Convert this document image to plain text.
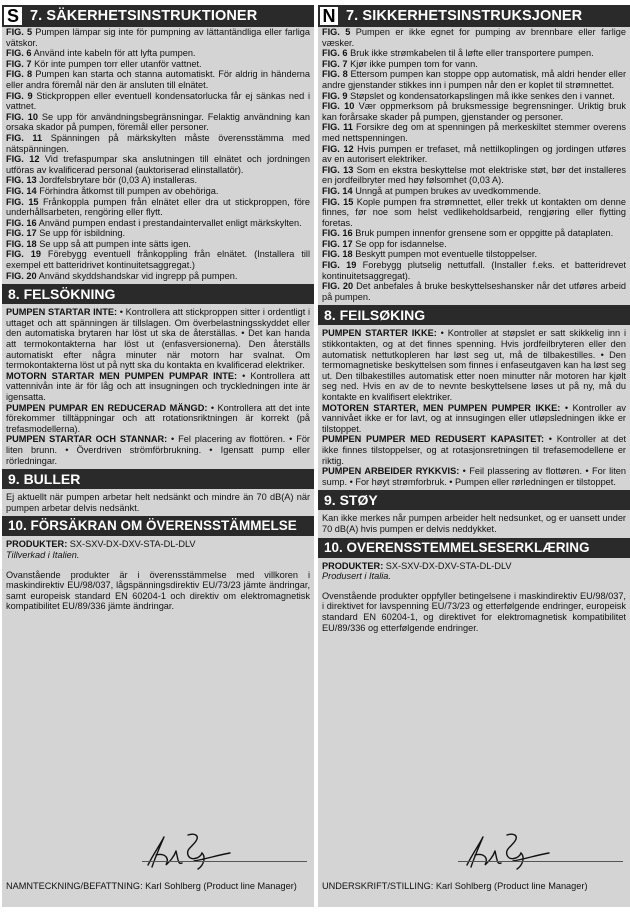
S 7. SÄKERHETSINSTRUKTIONER
FIG. 5 Pumpen lämpar sig inte för pumpning av lättantändliga eller farliga vätskor.
FIG. 6 Använd inte kabeln för att lyfta pumpen.
FIG. 7 Kör inte pumpen torr eller utanför vattnet.
FIG. 8 Pumpen kan starta och stanna automatiskt. För aldrig in händerna eller andra föremål när den är ansluten till elnätet.
FIG. 9 Stickproppen eller eventuell kondensatorlucka får ej sänkas ned i vattnet.
FIG. 10 Se upp för användningsbegränsningar. Felaktig användning kan orsaka skador på pumpen, föremål eller personer.
FIG. 11 Spänningen på märkskylten måste överensstämma med nätspänningen.
FIG. 12 Vid trefaspumpar ska anslutningen till elnätet och jordningen utföras av kvalificerad personal (auktoriserad elinstallatör).
FIG. 13 Jordfelsbrytare bör (0,03 A) installeras.
FIG. 14 Förhindra åtkomst till pumpen av obehöriga.
FIG. 15 Frånkoppla pumpen från elnätet eller dra ut stickproppen, före underhållsarbeten, rengöring eller flytt.
FIG. 16 Använd pumpen endast i prestandaintervallet enligt märkskylten.
FIG. 17 Se upp för isbildning.
FIG. 18 Se upp så att pumpen inte sätts igen.
FIG. 19 Förebygg eventuell frånkoppling från elnätet. (Installera till exempel ett batteridrivet kontinuitetsaggregat.)
FIG. 20 Använd skyddshandskar vid ingrepp på pumpen.
8. FELSÖKNING
PUMPEN STARTAR INTE: • Kontrollera att stickproppen sitter i ordentligt i uttaget och att spänningen är tillslagen. Om överbelastningsskyddet eller den automatiska brytaren har löst ut ska de återställas. • Det kan handa att termokontakterna har löst ut (enfasversionerna). Den återställs automatiskt efter några minuter när motorn har svalnat. Om termokontakterna löst ut på nytt ska du kontakta en kvalificerad elektriker.
MOTORN STARTAR MEN PUMPEN PUMPAR INTE: • Kontrollera att vattennivån inte är för låg och att insugningen och tryckledningen inte är igensatta.
PUMPEN PUMPAR EN REDUCERAD MÄNGD: • Kontrollera att det inte förekommer tilltäppningar och att rotationsriktningen är korrekt (på trefasmodellerna).
PUMPEN STARTAR OCH STANNAR: • Fel placering av flottören. • För liten brunn. • Överdriven strömförbrukning. • Igensatt pump eller rörledningar.
9. BULLER
Ej aktuellt när pumpen arbetar helt nedsänkt och mindre än 70 dB(A) när pumpen arbetar delvis nedsänkt.
10. FÖRSÄKRAN OM ÖVERENSSTÄMMELSE
PRODUKTER: SX-SXV-DX-DXV-STA-DL-DLV
Tillverkad i Italien.
Ovanstående produkter är i överensstämmelse med villkoren i maskindirektiv EU/98/037, lågspänningsdirektiv EU/73/23 jämte ändringar, samt europeisk standard EN 60204-1 och direktiv om elektromagnetisk kompatibilitet EU/89/336 jämte ändringar.
NAMNTECKNING/BEFATTNING: Karl Sohlberg (Product line Manager)
N 7. SIKKERHETSINSTRUKSJONER
FIG. 5 Pumpen er ikke egnet for pumping av brennbare eller farlige væsker.
FIG. 6 Bruk ikke strømkabelen til å løfte eller transportere pumpen.
FIG. 7 Kjør ikke pumpen tom for vann.
FIG. 8 Ettersom pumpen kan stoppe opp automatisk, må aldri hender eller andre gjenstander stikkes inn i pumpen når den er koplet til strømnettet.
FIG. 9 Støpslet og kondensatorkapslingen må ikke senkes den i vannet.
FIG. 10 Vær oppmerksom på bruksmessige begrensninger. Uriktig bruk kan forårsake skader på pumpen, gjenstander og personer.
FIG. 11 Forsikre deg om at spenningen på merkeskiltet stemmer overens med nettspenningen.
FIG. 12 Hvis pumpen er trefaset, må nettilkoplingen og jordingen utføres av en autorisert elektriker.
FIG. 13 Som en ekstra beskyttelse mot elektriske støt, bør det installeres en jordfeilbryter med høy følsomhet (0,03 A).
FIG. 14 Unngå at pumpen brukes av uvedkommende.
FIG. 15 Kople pumpen fra strømnettet, eller trekk ut kontakten om denne finnes, før noe som helst vedlikeholdsarbeid, rengjøring eller flytting foretas.
FIG. 16 Bruk pumpen innenfor grensene som er oppgitte på dataplaten.
FIG. 17 Se opp for isdannelse.
FIG. 18 Beskytt pumpen mot eventuelle tilstoppelser.
FIG. 19 Forebygg plutselig nettutfall. (Installer f.eks. et batteridrevet kontinuitetsaggregat).
FIG. 20 Det anbefales å bruke beskyttelseshansker når det utføres arbeid på pumpen.
8. FEILSØKING
PUMPEN STARTER IKKE: • Kontroller at støpslet er satt skikkelig inn i stikkontakten, og at det finnes spenning. Hvis jordfeilbryteren eller den automatisk nettutkopleren har løst seg ut, må de tilbakestilles. • Den termomagnetiske beskyttelsen som finnes i enfaseutgaven kan ha løst seg ut. Den tilbakestilles automatisk etter noen minutter når motoren har kjølt seg ned. Hvis en av de to nevnte beskyttelsene løses ut på ny, må du kontakte en kvalifisert elektriker.
MOTOREN STARTER, MEN PUMPEN PUMPER IKKE: • Kontroller av vannivået ikke er for lavt, og at innsugingen eller utløpsledningen ikke er tilstoppet.
PUMPEN PUMPER MED REDUSERT KAPASITET: • Kontroller at det ikke finnes tilstoppelser, og at rotasjonsretningen til trefasemodellene er riktig.
PUMPEN ARBEIDER RYKKVIS: • Feil plassering av flottøren. • For liten sump. • For høyt strømforbruk. • Pumpen eller rørledningen er tilstoppet.
9. STØY
Kan ikke merkes når pumpen arbeider helt nedsunket, og er uansett under 70 dB(A) hvis pumpen er delvis neddykket.
10. OVERENSSTEMMELSESERKLÆRING
PRODUKTER: SX-SXV-DX-DXV-STA-DL-DLV
Produsert i Italia.
Ovenstående produkter oppfyller betingelsene i maskindirektiv EU/98/037, i direktivet for lavspenning EU/73/23 og etterfølgende endringer, europeisk standard EN 60204-1, og direktivet for elektromagnetisk kompatibilitet EU/89/336 og etterfølgende endringer.
UNDERSKRIFT/STILLING: Karl Sohlberg (Product line Manager)
